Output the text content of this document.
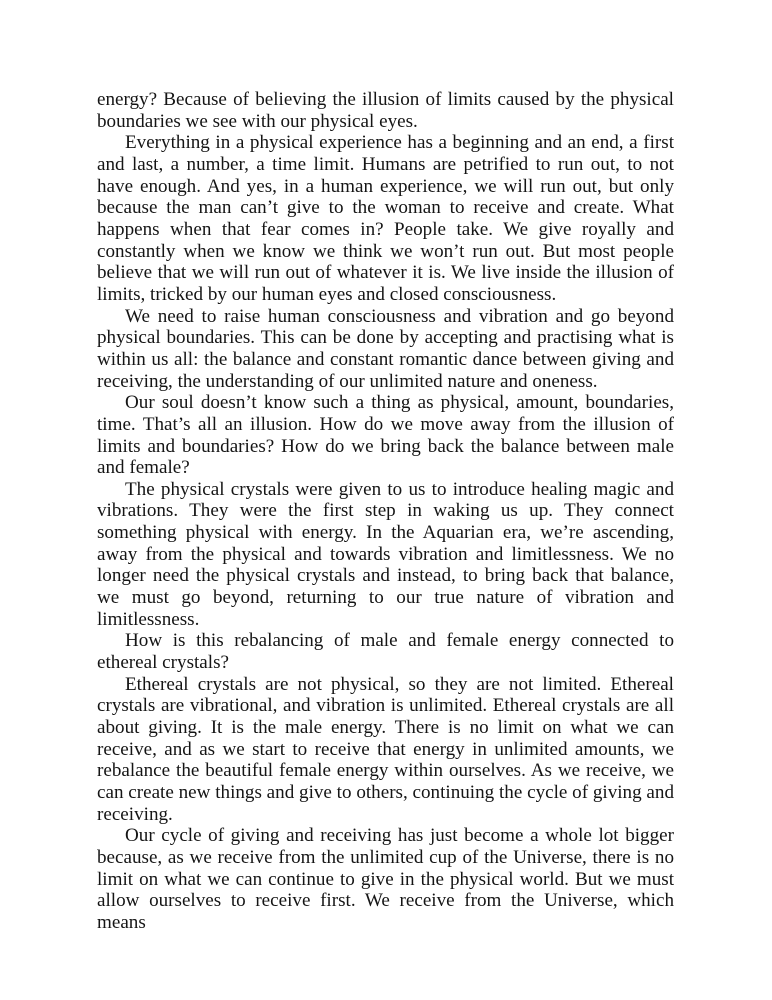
energy? Because of believing the illusion of limits caused by the physical boundaries we see with our physical eyes.

Everything in a physical experience has a beginning and an end, a first and last, a number, a time limit. Humans are petrified to run out, to not have enough. And yes, in a human experience, we will run out, but only because the man can’t give to the woman to receive and create. What happens when that fear comes in? People take. We give royally and constantly when we know we think we won’t run out. But most people believe that we will run out of whatever it is. We live inside the illusion of limits, tricked by our human eyes and closed consciousness.

We need to raise human consciousness and vibration and go beyond physical boundaries. This can be done by accepting and practising what is within us all: the balance and constant romantic dance between giving and receiving, the understanding of our unlimited nature and oneness.

Our soul doesn’t know such a thing as physical, amount, boundaries, time. That’s all an illusion. How do we move away from the illusion of limits and boundaries? How do we bring back the balance between male and female?

The physical crystals were given to us to introduce healing magic and vibrations. They were the first step in waking us up. They connect something physical with energy. In the Aquarian era, we’re ascending, away from the physical and towards vibration and limitlessness. We no longer need the physical crystals and instead, to bring back that balance, we must go beyond, returning to our true nature of vibration and limitlessness.

How is this rebalancing of male and female energy connected to ethereal crystals?

Ethereal crystals are not physical, so they are not limited. Ethereal crystals are vibrational, and vibration is unlimited. Ethereal crystals are all about giving. It is the male energy. There is no limit on what we can receive, and as we start to receive that energy in unlimited amounts, we rebalance the beautiful female energy within ourselves. As we receive, we can create new things and give to others, continuing the cycle of giving and receiving.

Our cycle of giving and receiving has just become a whole lot bigger because, as we receive from the unlimited cup of the Universe, there is no limit on what we can continue to give in the physical world. But we must allow ourselves to receive first. We receive from the Universe, which means
